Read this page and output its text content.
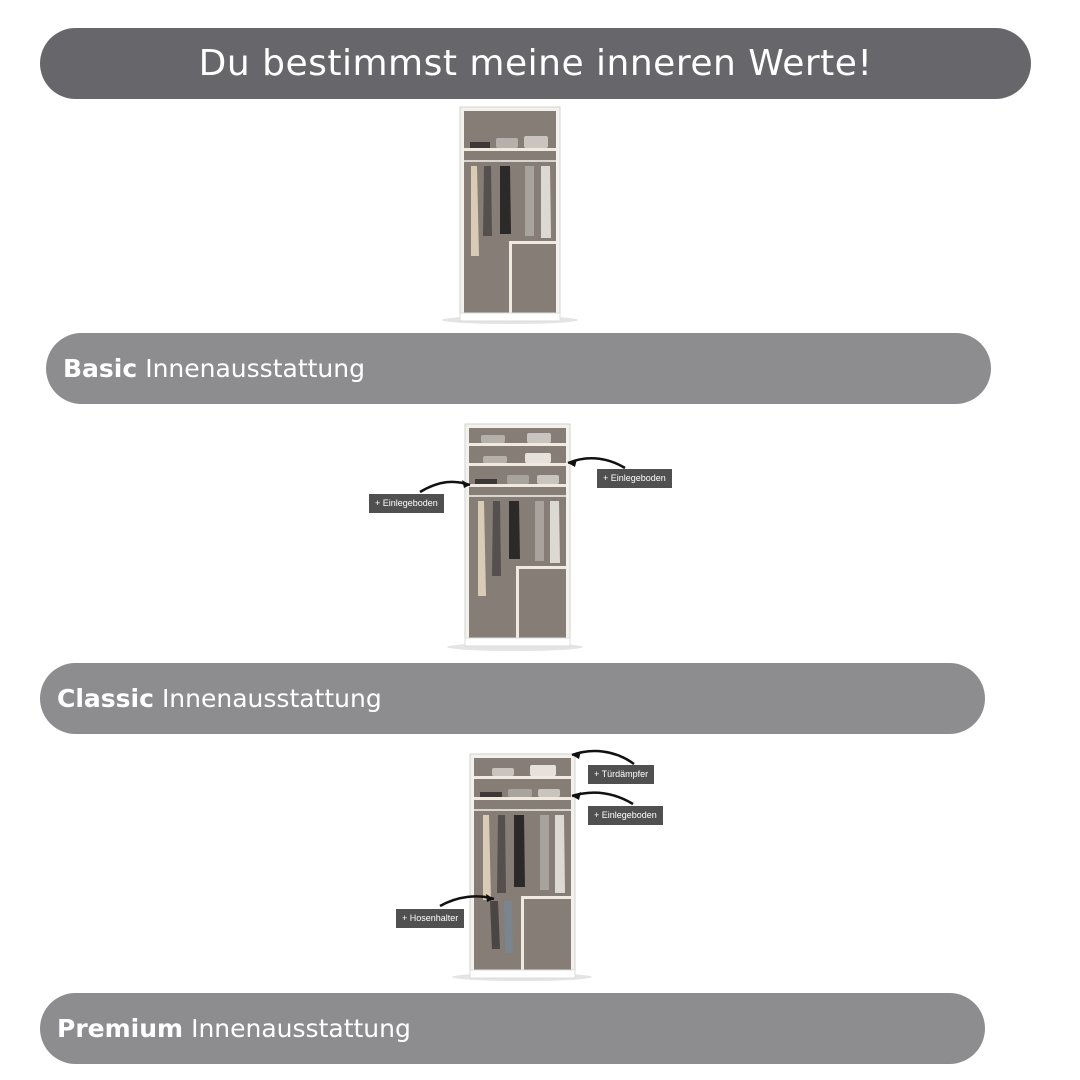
Du bestimmst meine inneren Werte!
Basic Innenausstattung
+ Einlegeboden
+ Einlegeboden
Classic Innenausstattung
+ Türdämpfer
+ Einlegeboden
+ Hosenhalter
Premium Innenausstattung
